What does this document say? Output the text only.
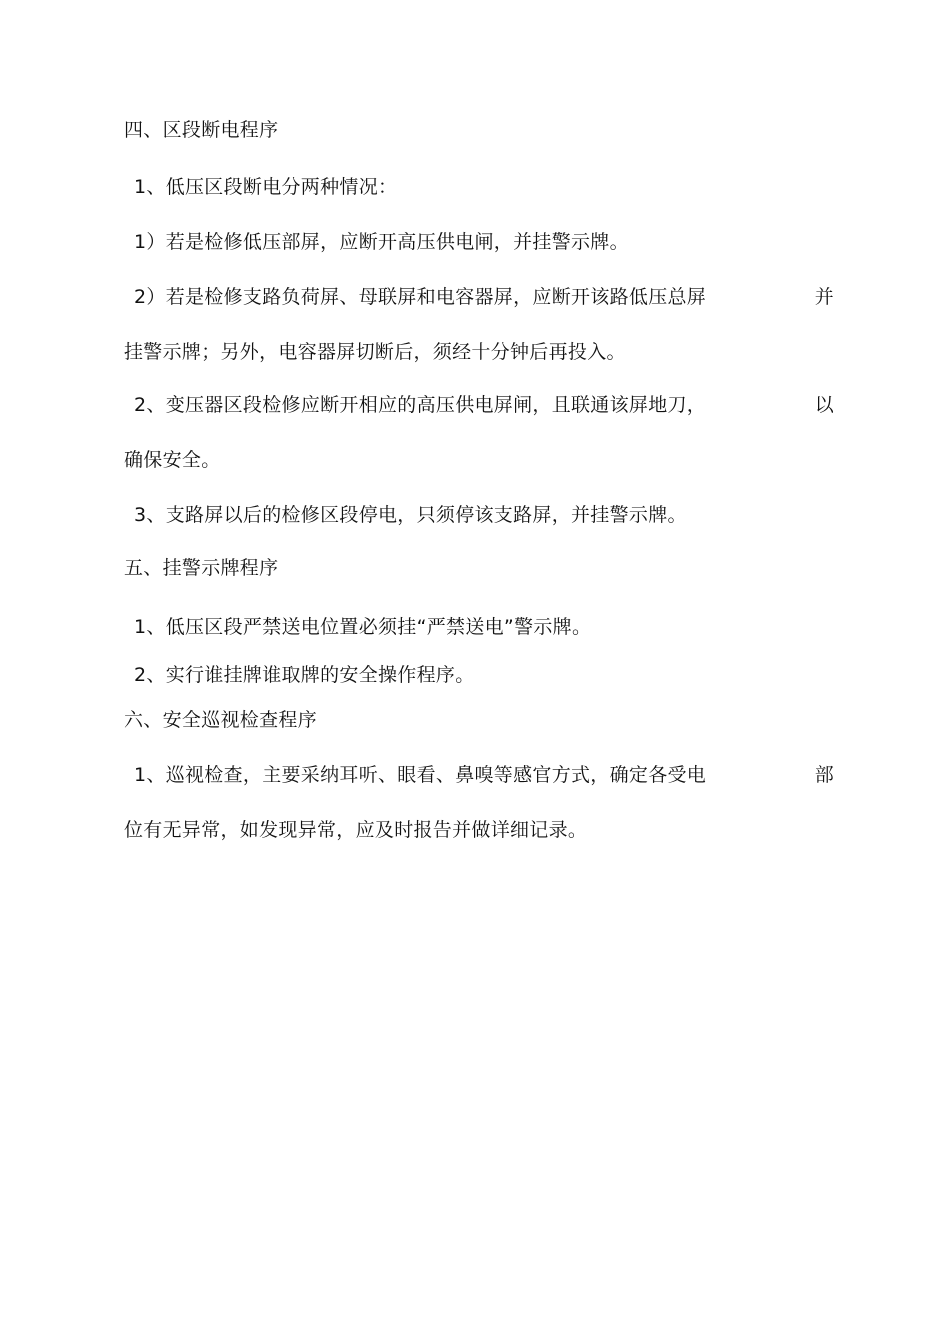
四、区段断电程序
1、低压区段断电分两种情况：
1）若是检修低压部屏，应断开高压供电闸，并挂警示牌。
2）若是检修支路负荷屏、母联屏和电容器屏，应断开该路低压总屏	并
挂警示牌；另外，电容器屏切断后，须经十分钟后再投入。
2、变压器区段检修应断开相应的高压供电屏闸，且联通该屏地刀，	以
确保安全。
3、支路屏以后的检修区段停电，只须停该支路屏，并挂警示牌。
五、挂警示牌程序
1、低压区段严禁送电位置必须挂“严禁送电”警示牌。
2、实行谁挂牌谁取牌的安全操作程序。
六、安全巡视检查程序
1、巡视检查，主要采纳耳听、眼看、鼻嗅等感官方式，确定各受电	部
位有无异常，如发现异常，应及时报告并做详细记录。
